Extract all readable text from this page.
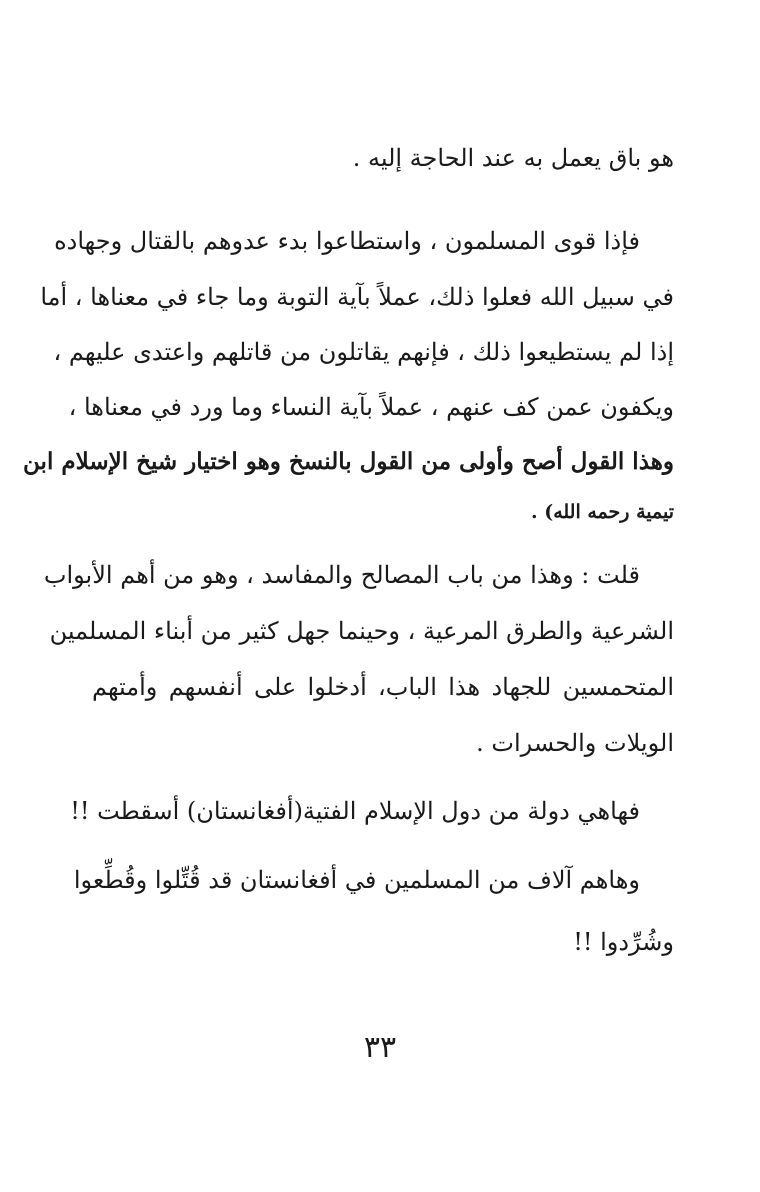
هو باق يعمل به عند الحاجة إليه .
فإذا قوى المسلمون ، واستطاعوا بدء عدوهم بالقتال وجهاده
في سبيل الله فعلوا ذلك، عملاً بآية التوبة وما جاء في معناها ، أما
إذا لم يستطيعوا ذلك ، فإنهم يقاتلون من قاتلهم واعتدى عليهم ،
ويكفون عمن كف عنهم ، عملاً بآية النساء وما ورد في معناها ،
وهذا القول أصح وأولى من القول بالنسخ وهو اختيار شيخ الإسلام ابن
تيمية رحمه الله) .
قلت : وهذا من باب المصالح والمفاسد ، وهو من أهم الأبواب
الشرعية والطرق المرعية ، وحينما جهل كثير من أبناء المسلمين
المتحمسين للجهاد هذا الباب، أدخلوا على أنفسهم وأمتهم
الويلات والحسرات .
فهاهي دولة من دول الإسلام الفتية(أفغانستان) أسقطت !!
وهاهم آلاف من المسلمين في أفغانستان قد قُتِّلوا وقُطِّعوا
وشُرِّدوا !!
٣٣
